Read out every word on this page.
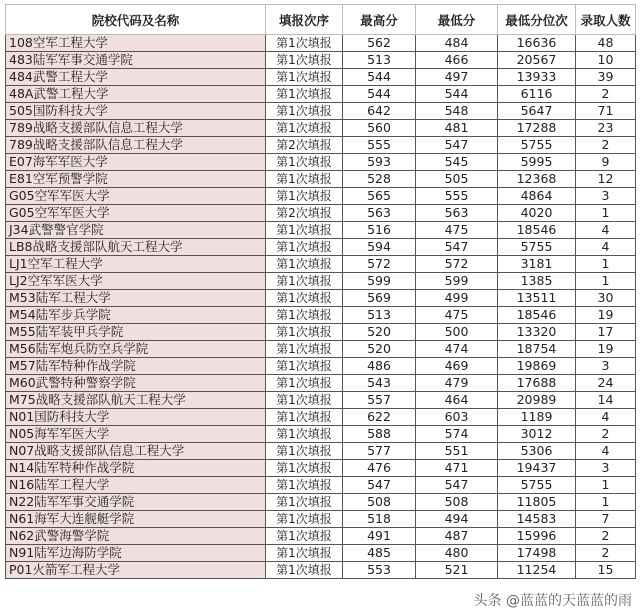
院校代码及名称	填报次序	最高分	最低分	最低分位次	录取人数
108空军工程大学	第1次填报	562	484	16636	48
483陆军军事交通学院	第1次填报	513	466	20567	10
484武警工程大学	第1次填报	544	497	13933	39
48A武警工程大学	第1次填报	544	544	6116	2
505国防科技大学	第1次填报	642	548	5647	71
789战略支援部队信息工程大学	第1次填报	560	481	17288	23
789战略支援部队信息工程大学	第2次填报	555	547	5755	2
E07海军军医大学	第1次填报	593	545	5995	9
E81空军预警学院	第1次填报	528	505	12368	12
G05空军军医大学	第1次填报	565	555	4864	3
G05空军军医大学	第2次填报	563	563	4020	1
J34武警警官学院	第1次填报	516	475	18546	4
LB8战略支援部队航天工程大学	第1次填报	594	547	5755	4
LJ1空军工程大学	第1次填报	572	572	3181	1
LJ2空军军医大学	第1次填报	599	599	1385	1
M53陆军工程大学	第1次填报	569	499	13511	30
M54陆军步兵学院	第1次填报	513	475	18546	19
M55陆军装甲兵学院	第1次填报	520	500	13320	17
M56陆军炮兵防空兵学院	第1次填报	520	474	18754	19
M57陆军特种作战学院	第1次填报	486	469	19869	3
M60武警特种警察学院	第1次填报	543	479	17688	24
M75战略支援部队航天工程大学	第1次填报	557	464	20989	14
N01国防科技大学	第1次填报	622	603	1189	4
N05海军军医大学	第1次填报	588	574	3012	2
N07战略支援部队信息工程大学	第1次填报	577	551	5306	4
N14陆军特种作战学院	第1次填报	476	471	19437	3
N16陆军工程大学	第1次填报	547	547	5755	1
N22陆军军事交通学院	第1次填报	508	508	11805	1
N61海军大连舰艇学院	第1次填报	518	494	14583	7
N62武警海警学院	第1次填报	491	487	15996	2
N91陆军边海防学院	第1次填报	485	480	17498	2
P01火箭军工程大学	第1次填报	553	521	11254	15
头条 @蓝蓝的天蓝蓝的雨
